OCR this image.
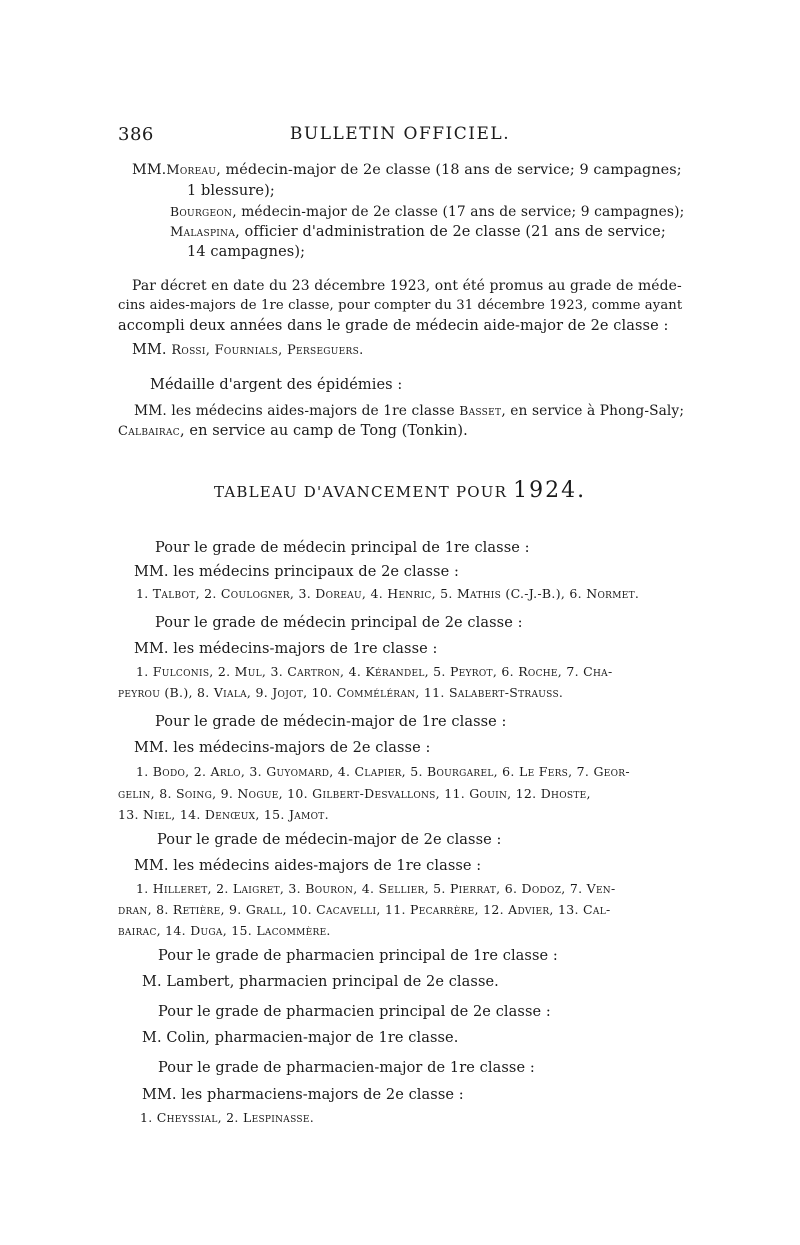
386	BULLETIN OFFICIEL.
MM.Moreau, médecin-major de 2e classe (18 ans de service; 9 campagnes;
1 blessure);
Bourgeon, médecin-major de 2e classe (17 ans de service; 9 campagnes);
Malaspina, officier d'administration de 2e classe (21 ans de service;
14 campagnes);
Par décret en date du 23 décembre 1923, ont été promus au grade de méde-
cins aides-majors de 1re classe, pour compter du 31 décembre 1923, comme ayant
accompli deux années dans le grade de médecin aide-major de 2e classe :
MM. Rossi, Fournials, Perseguers.
Médaille d'argent des épidémies :
MM. les médecins aides-majors de 1re classe Basset, en service à Phong-Saly;
Calbairac, en service au camp de Tong (Tonkin).
TABLEAU D'AVANCEMENT POUR 1924.
Pour le grade de médecin principal de 1re classe :
MM. les médecins principaux de 2e classe :
1. Talbot, 2. Coulogner, 3. Doreau, 4. Henric, 5. Mathis (C.-J.-B.), 6. Normet.
Pour le grade de médecin principal de 2e classe :
MM. les médecins-majors de 1re classe :
1. Fulconis, 2. Mul, 3. Cartron, 4. Kérandel, 5. Peyrot, 6. Roche, 7. Cha-
peyrou (B.), 8. Viala, 9. Jojot, 10. Comméléran, 11. Salabert-Strauss.
Pour le grade de médecin-major de 1re classe :
MM. les médecins-majors de 2e classe :
1. Bodo, 2. Arlo, 3. Guyomard, 4. Clapier, 5. Bourgarel, 6. Le Fers, 7. Geor-
gelin, 8. Soing, 9. Nogue, 10. Gilbert-Desvallons, 11. Gouin, 12. Dhoste,
13. Niel, 14. Denœux, 15. Jamot.
Pour le grade de médecin-major de 2e classe :
MM. les médecins aides-majors de 1re classe :
1. Hilleret, 2. Laigret, 3. Bouron, 4. Sellier, 5. Pierrat, 6. Dodoz, 7. Ven-
dran, 8. Retière, 9. Grall, 10. Cacavelli, 11. Pecarrère, 12. Advier, 13. Cal-
bairac, 14. Duga, 15. Lacommère.
Pour le grade de pharmacien principal de 1re classe :
M. Lambert, pharmacien principal de 2e classe.
Pour le grade de pharmacien principal de 2e classe :
M. Colin, pharmacien-major de 1re classe.
Pour le grade de pharmacien-major de 1re classe :
MM. les pharmaciens-majors de 2e classe :
1. Cheyssial, 2. Lespinasse.
